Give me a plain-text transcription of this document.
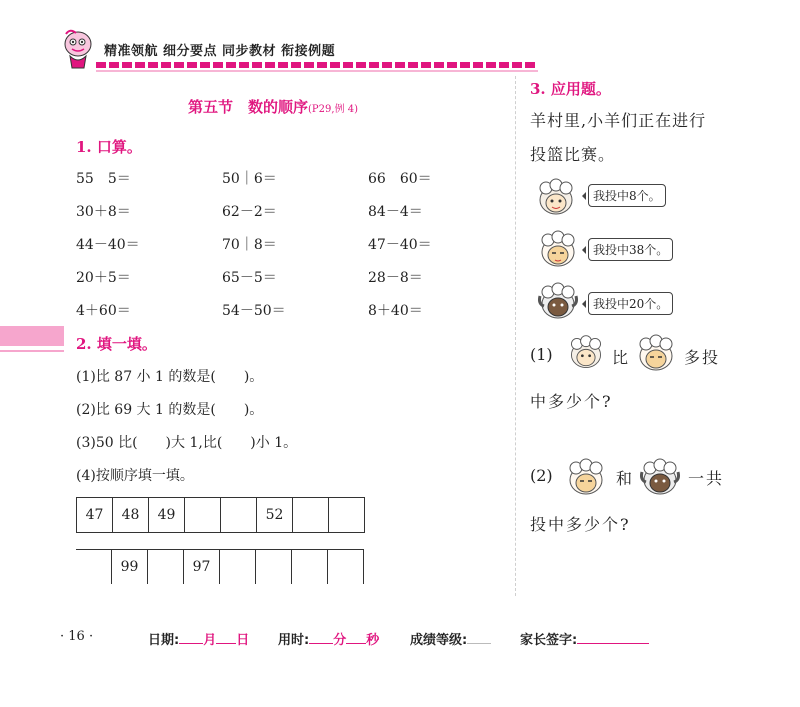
精准领航 细分要点 同步教材 衔接例题
第五节　数的顺序(P29,例 4)
1. 口算。
55　5＝	50｜6＝	66　60＝
30＋8＝	62－2＝	84－4＝
44－40＝	70｜8＝	47－40＝
20＋5＝	65－5＝	28－8＝
4＋60＝	54－50＝	8＋40＝
2. 填一填。
(1)比 87 小 1 的数是(　　)。
(2)比 69 大 1 的数是(　　)。
(3)50 比(　　)大 1,比(　　)小 1。
(4)按顺序填一填。
47	48	49			52		
	99		97				
3. 应用题。
羊村里,小羊们正在进行
投篮比赛。
我投中8个。
我投中38个。
我投中20个。
(1)	比	多投
中多少个?
(2)	和	一共
投中多少个?
· 16 ·	日期: 月 日 用时: 分 秒 成绩等级:	家长签字:
